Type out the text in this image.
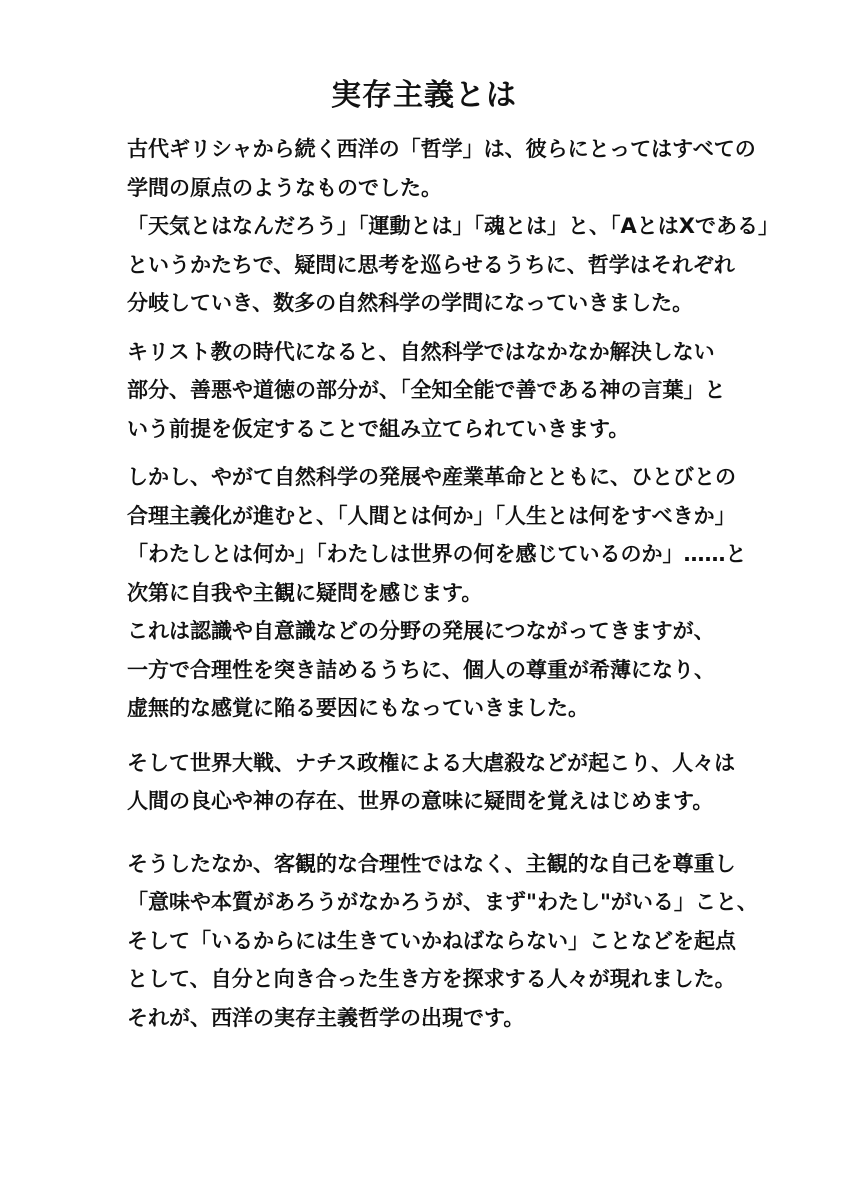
実存主義とは

古代ギリシャから続く西洋の「哲学」は、彼らにとってはすべての
学問の原点のようなものでした。
「天気とはなんだろう」「運動とは」「魂とは」と、「AとはXである」
というかたちで、疑問に思考を巡らせるうちに、哲学はそれぞれ
分岐していき、数多の自然科学の学問になっていきました。

キリスト教の時代になると、自然科学ではなかなか解決しない
部分、善悪や道徳の部分が、「全知全能で善である神の言葉」と
いう前提を仮定することで組み立てられていきます。

しかし、やがて自然科学の発展や産業革命とともに、ひとびとの
合理主義化が進むと、「人間とは何か」「人生とは何をすべきか」
「わたしとは何か」「わたしは世界の何を感じているのか」……と
次第に自我や主観に疑問を感じます。
これは認識や自意識などの分野の発展につながってきますが、
一方で合理性を突き詰めるうちに、個人の尊重が希薄になり、
虚無的な感覚に陥る要因にもなっていきました。

そして世界大戦、ナチス政権による大虐殺などが起こり、人々は
人間の良心や神の存在、世界の意味に疑問を覚えはじめます。

そうしたなか、客観的な合理性ではなく、主観的な自己を尊重し
「意味や本質があろうがなかろうが、まず"わたし"がいる」こと、
そして「いるからには生きていかねばならない」ことなどを起点
として、自分と向き合った生き方を探求する人々が現れました。
それが、西洋の実存主義哲学の出現です。
